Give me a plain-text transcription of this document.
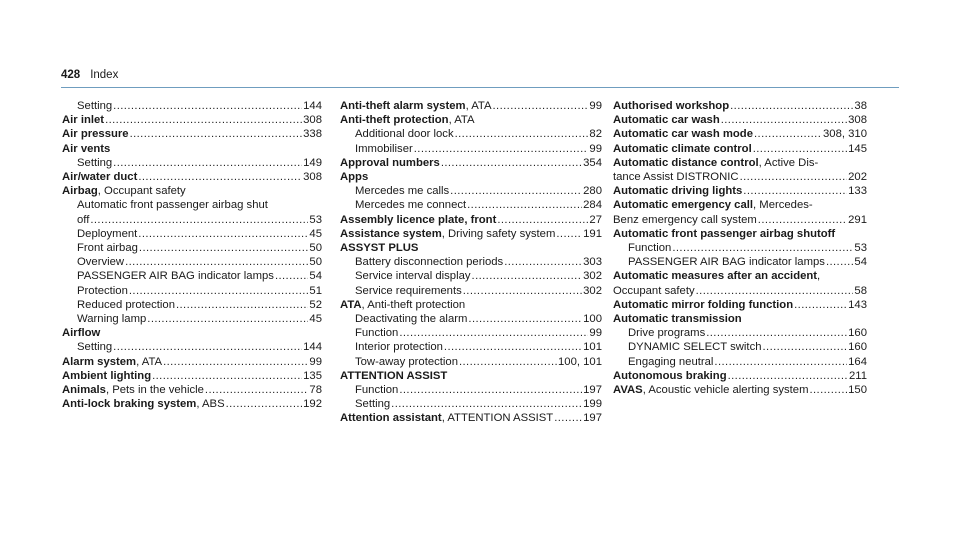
428 Index
Setting .....	144
Air inlet .....	308
Air pressure .....	338
Air vents
Setting .....	149
Air/water duct .....	308
Airbag , Occupant safety
Automatic front passenger airbag shut
off .....	53
Deployment .....	45
Front airbag .....	50
Overview .....	50
PASSENGER AIR BAG indicator lamps .....	54
Protection .....	51
Reduced protection .....	52
Warning lamp .....	45
Airflow
Setting .....	144
Alarm system , ATA .....	99
Ambient lighting .....	135
Animals , Pets in the vehicle .....	78
Anti-lock braking system , ABS .....	192
Anti-theft alarm system , ATA .....	99
Anti-theft protection , ATA
Additional door lock .....	82
Immobiliser .....	99
Approval numbers .....	354
Apps
Mercedes me calls .....	280
Mercedes me connect .....	284
Assembly licence plate, front .....	27
Assistance system , Driving safety system ..... 191
ASSYST PLUS
Battery disconnection periods .....	303
Service interval display .....	302
Service requirements .....	302
ATA , Anti-theft protection
Deactivating the alarm .....	100
Function .....	99
Interior protection .....	101
Tow-away protection .....	100, 101
ATTENTION ASSIST
Function .....	197
Setting .....	199
Attention assistant , ATTENTION ASSIST .....	197
Authorised workshop .....	38
Automatic car wash .....	308
Automatic car wash mode .....	308, 310
Automatic climate control .....	145
Automatic distance control , Active Dis-
tance Assist DISTRONIC .....	202
Automatic driving lights .....	133
Automatic emergency call , Mercedes-
Benz emergency call system .....	291
Automatic front passenger airbag shutoff
Function .....	53
PASSENGER AIR BAG indicator lamps .....	54
Automatic measures after an accident ,
Occupant safety .....	58
Automatic mirror folding function .....	143
Automatic transmission
Drive programs .....	160
DYNAMIC SELECT switch .....	160
Engaging neutral .....	164
Autonomous braking .....	211
AVAS , Acoustic vehicle alerting system .....	150
